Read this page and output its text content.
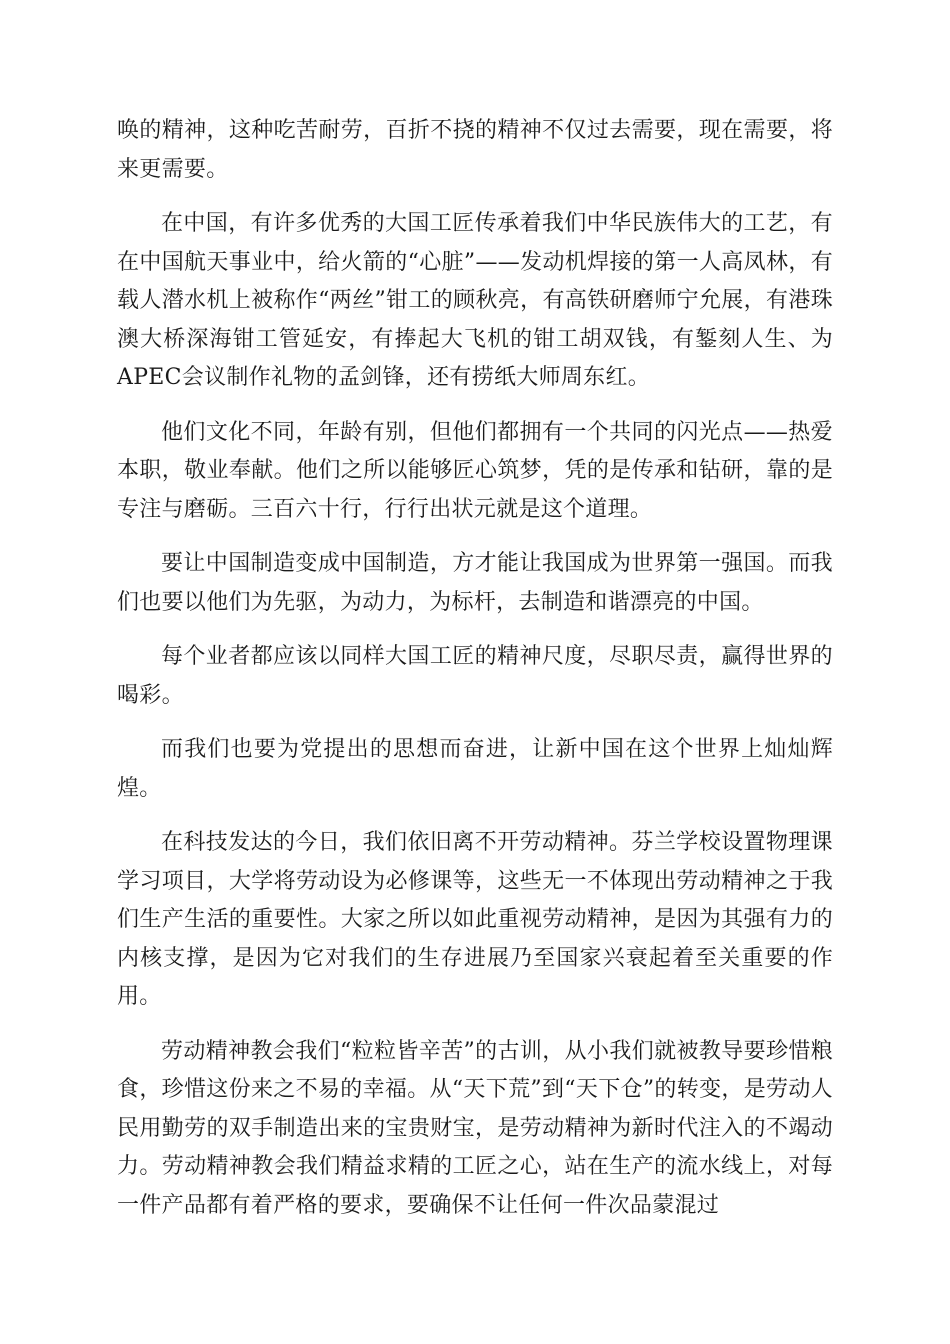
唤的精神，这种吃苦耐劳，百折不挠的精神不仅过去需要，现在需要，将来更需要。

在中国，有许多优秀的大国工匠传承着我们中华民族伟大的工艺，有在中国航天事业中，给火箭的“心脏”——发动机焊接的第一人高凤林，有载人潜水机上被称作“两丝”钳工的顾秋亮，有高铁研磨师宁允展，有港珠澳大桥深海钳工管延安，有捧起大飞机的钳工胡双钱，有錾刻人生、为APEC会议制作礼物的孟剑锋，还有捞纸大师周东红。

他们文化不同，年龄有别，但他们都拥有一个共同的闪光点——热爱本职，敬业奉献。他们之所以能够匠心筑梦，凭的是传承和钻研，靠的是专注与磨砺。三百六十行，行行出状元就是这个道理。

要让中国制造变成中国制造，方才能让我国成为世界第一强国。而我们也要以他们为先驱，为动力，为标杆，去制造和谐漂亮的中国。

每个业者都应该以同样大国工匠的精神尺度，尽职尽责，赢得世界的喝彩。

而我们也要为党提出的思想而奋进，让新中国在这个世界上灿灿辉煌。

在科技发达的今日，我们依旧离不开劳动精神。芬兰学校设置物理课学习项目，大学将劳动设为必修课等，这些无一不体现出劳动精神之于我们生产生活的重要性。大家之所以如此重视劳动精神，是因为其强有力的内核支撑，是因为它对我们的生存进展乃至国家兴衰起着至关重要的作用。

劳动精神教会我们“粒粒皆辛苦”的古训，从小我们就被教导要珍惜粮食，珍惜这份来之不易的幸福。从“天下荒”到“天下仓”的转变，是劳动人民用勤劳的双手制造出来的宝贵财宝，是劳动精神为新时代注入的不竭动力。劳动精神教会我们精益求精的工匠之心，站在生产的流水线上，对每一件产品都有着严格的要求，要确保不让任何一件次品蒙混过
